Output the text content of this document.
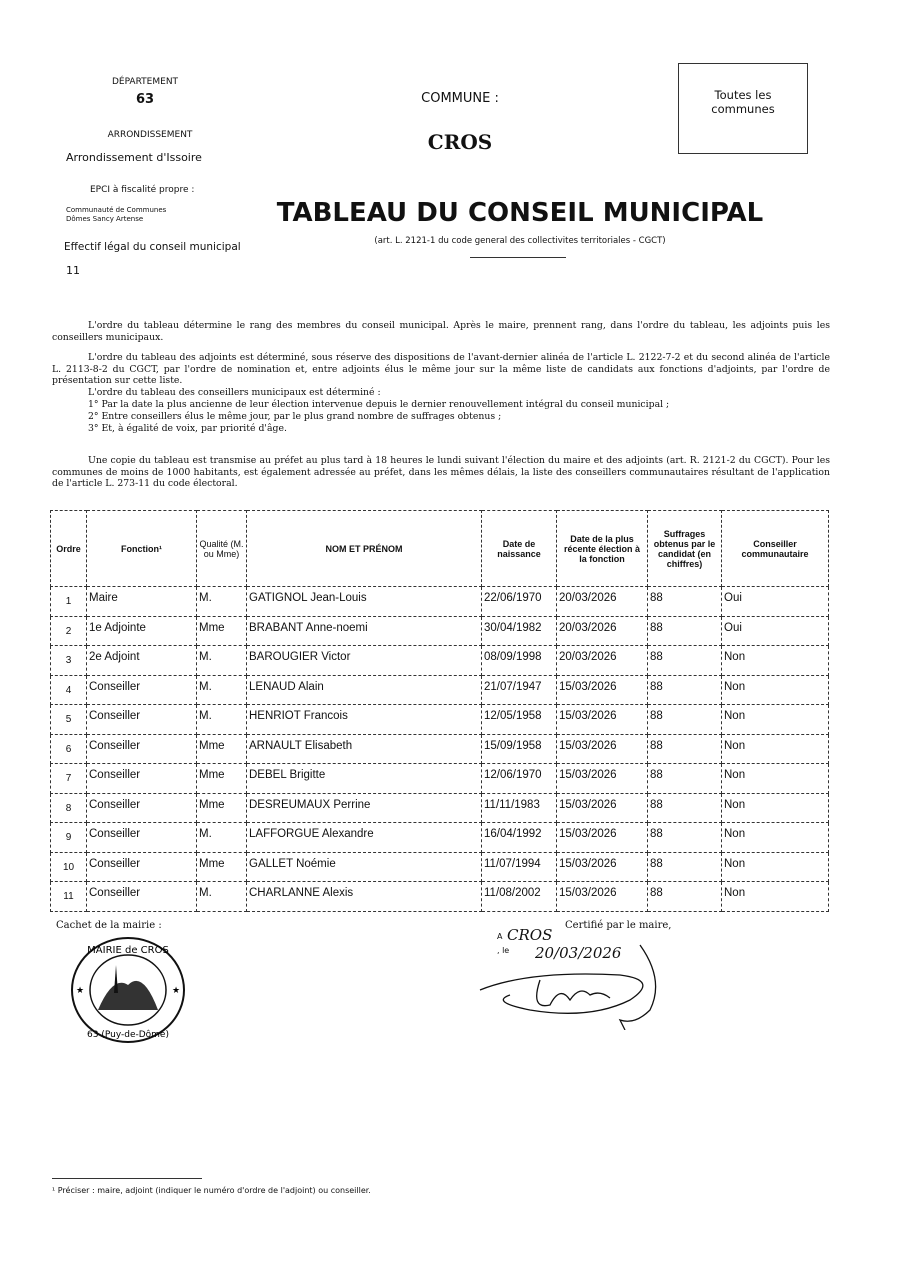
DÉPARTEMENT
63
ARRONDISSEMENT
Arrondissement d'Issoire
EPCI à fiscalité propre :
Communauté de Communes
Dômes Sancy Artense
Effectif légal du conseil municipal
11
COMMUNE :
CROS
Toutes les communes
TABLEAU DU CONSEIL MUNICIPAL
(art. L. 2121-1 du code general des collectivites territoriales - CGCT)
L'ordre du tableau détermine le rang des membres du conseil municipal. Après le maire, prennent rang, dans l'ordre du tableau, les adjoints puis les conseillers municipaux.
L'ordre du tableau des adjoints est déterminé, sous réserve des dispositions de l'avant-dernier alinéa de l'article L. 2122-7-2 et du second alinéa de l'article L. 2113-8-2 du CGCT, par l'ordre de nomination et, entre adjoints élus le même jour sur la même liste de candidats aux fonctions d'adjoints, par l'ordre de présentation sur cette liste.
L'ordre du tableau des conseillers municipaux est déterminé :
1° Par la date la plus ancienne de leur élection intervenue depuis le dernier renouvellement intégral du conseil municipal ;
2° Entre conseillers élus le même jour, par le plus grand nombre de suffrages obtenus ;
3° Et, à égalité de voix, par priorité d'âge.
Une copie du tableau est transmise au préfet au plus tard à 18 heures le lundi suivant l'élection du maire et des adjoints (art. R. 2121-2 du CGCT). Pour les communes de moins de 1000 habitants, est également adressée au préfet, dans les mêmes délais, la liste des conseillers communautaires résultant de l'application de l'article L. 273-11 du code électoral.
Ordre	Fonction¹	Qualité (M. ou Mme)	NOM ET PRÉNOM	Date de naissance	Date de la plus récente élection à la fonction	Suffrages obtenus par le candidat (en chiffres)	Conseiller communautaire
1	Maire	M.	GATIGNOL Jean-Louis	22/06/1970	20/03/2026	88	Oui
2	1e Adjointe	Mme	BRABANT Anne-noemi	30/04/1982	20/03/2026	88	Oui
3	2e Adjoint	M.	BAROUGIER Victor	08/09/1998	20/03/2026	88	Non
4	Conseiller	M.	LENAUD Alain	21/07/1947	15/03/2026	88	Non
5	Conseiller	M.	HENRIOT Francois	12/05/1958	15/03/2026	88	Non
6	Conseiller	Mme	ARNAULT Elisabeth	15/09/1958	15/03/2026	88	Non
7	Conseiller	Mme	DEBEL Brigitte	12/06/1970	15/03/2026	88	Non
8	Conseiller	Mme	DESREUMAUX Perrine	11/11/1983	15/03/2026	88	Non
9	Conseiller	M.	LAFFORGUE Alexandre	16/04/1992	15/03/2026	88	Non
10	Conseiller	Mme	GALLET Noémie	11/07/1994	15/03/2026	88	Non
11	Conseiller	M.	CHARLANNE Alexis	11/08/2002	15/03/2026	88	Non
Cachet de la mairie :
MAIRIE de CROS
63 (Puy-de-Dôme)
★	★
Certifié par le maire,
A
, le
CROS
20/03/2026
¹ Préciser : maire, adjoint (indiquer le numéro d'ordre de l'adjoint) ou conseiller.
